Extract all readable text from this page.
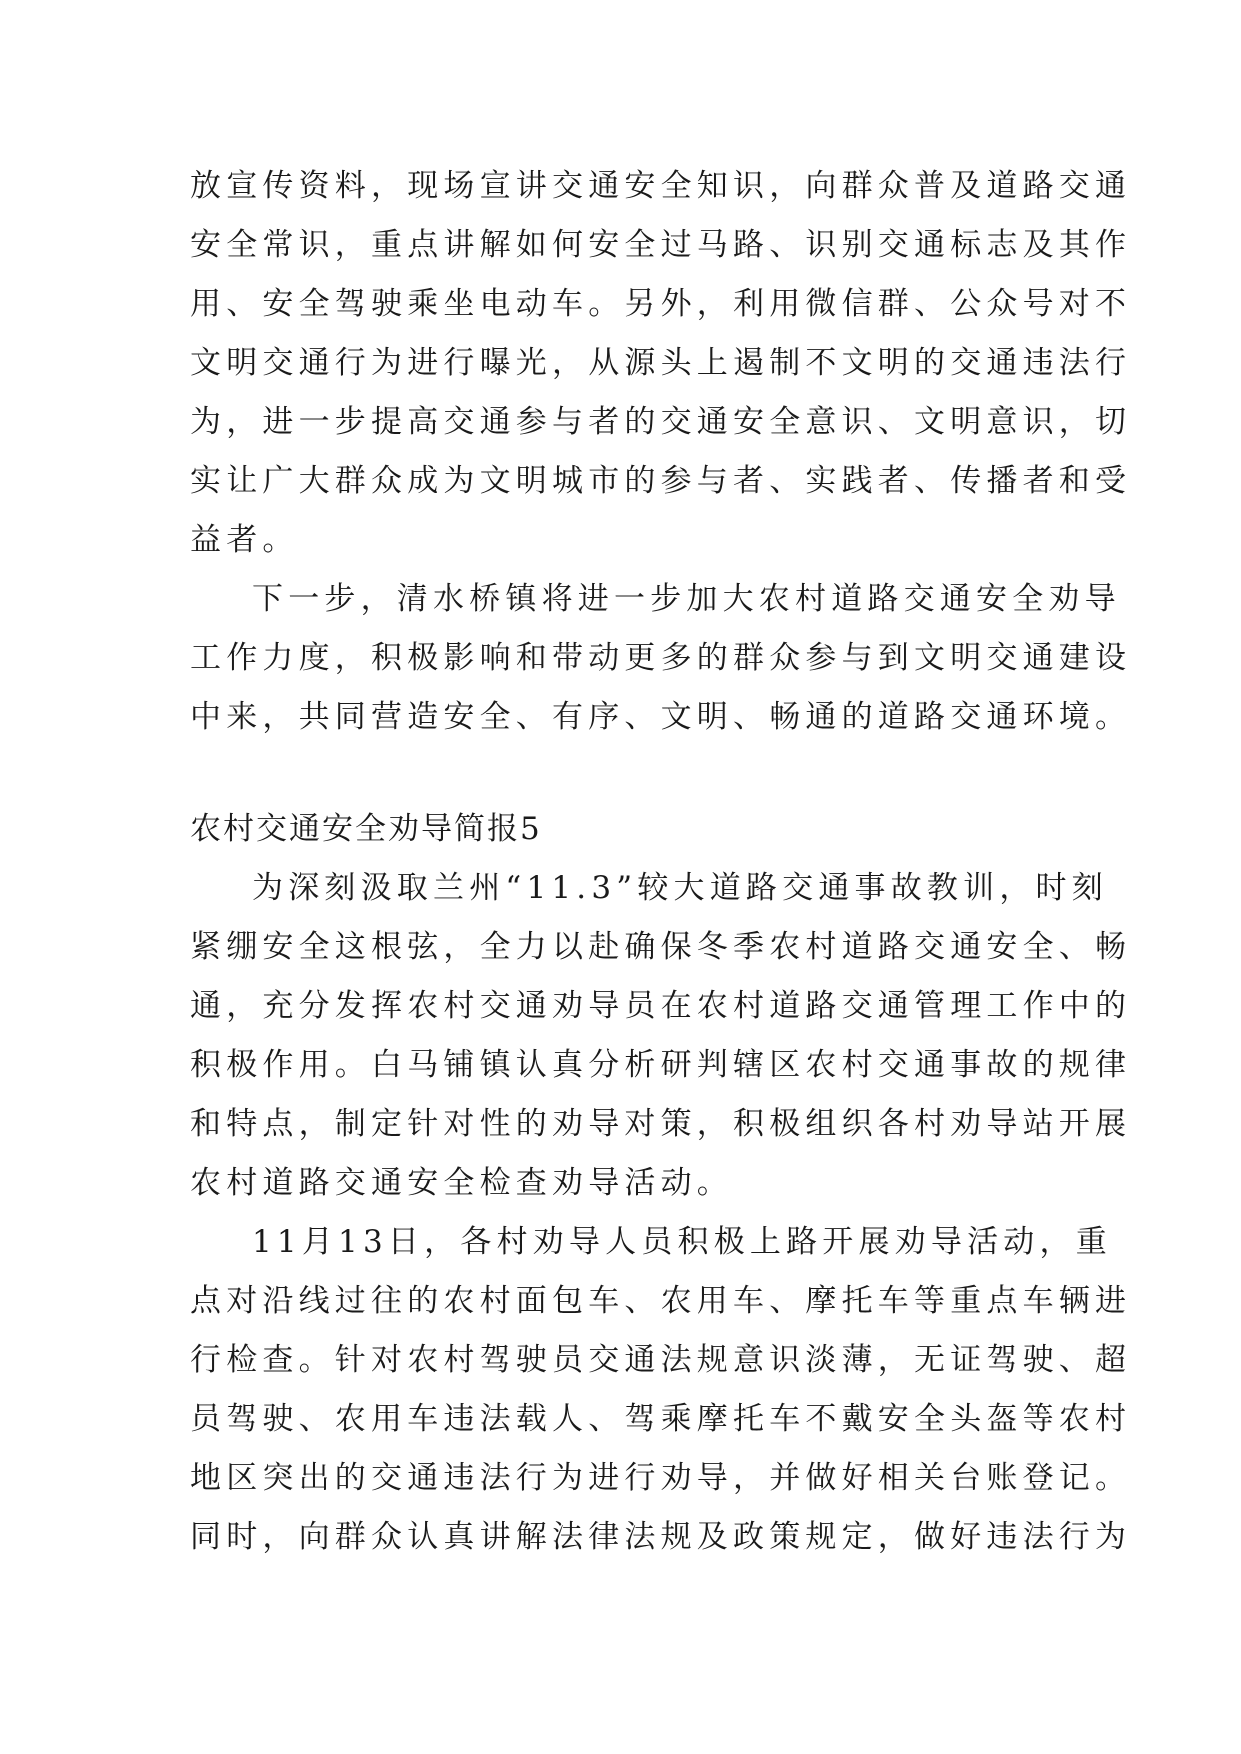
放宣传资料，现场宣讲交通安全知识，向群众普及道路交通
安全常识，重点讲解如何安全过马路、识别交通标志及其作
用、安全驾驶乘坐电动车。另外，利用微信群、公众号对不
文明交通行为进行曝光，从源头上遏制不文明的交通违法行
为，进一步提高交通参与者的交通安全意识、文明意识，切
实让广大群众成为文明城市的参与者、实践者、传播者和受
益者。
下一步，清水桥镇将进一步加大农村道路交通安全劝导
工作力度，积极影响和带动更多的群众参与到文明交通建设
中来，共同营造安全、有序、文明、畅通的道路交通环境。
农村交通安全劝导简报5
为深刻汲取兰州“11.3”较大道路交通事故教训，时刻
紧绷安全这根弦，全力以赴确保冬季农村道路交通安全、畅
通，充分发挥农村交通劝导员在农村道路交通管理工作中的
积极作用。白马铺镇认真分析研判辖区农村交通事故的规律
和特点，制定针对性的劝导对策，积极组织各村劝导站开展
农村道路交通安全检查劝导活动。
11月13日，各村劝导人员积极上路开展劝导活动，重
点对沿线过往的农村面包车、农用车、摩托车等重点车辆进
行检查。针对农村驾驶员交通法规意识淡薄，无证驾驶、超
员驾驶、农用车违法载人、驾乘摩托车不戴安全头盔等农村
地区突出的交通违法行为进行劝导，并做好相关台账登记。
同时，向群众认真讲解法律法规及政策规定，做好违法行为
